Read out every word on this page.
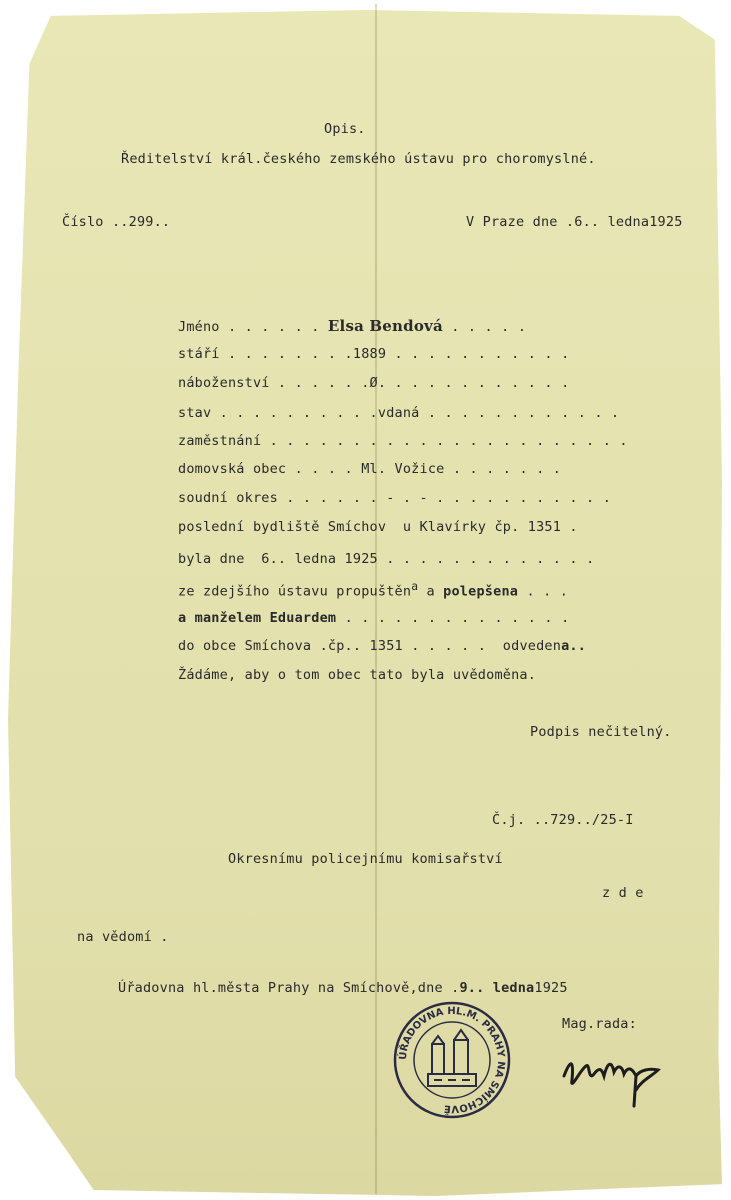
Opis.
Ředitelství král.českého zemského ústavu pro choromyslné.
Číslo ..299..	V Praze dne .6.. ledna1925
Jméno . . . . . . Elsa Bendová . . . . .
stáří . . . . . . . .1889 . . . . . . . . . . .
náboženství . . . . . .Ø. . . . . . . . . . . .
stav . . . . . . . . . .vdaná . . . . . . . . . . . .
zaměstnání . . . . . . . . . . . . . . . . . . . . . .
domovská obec . . . . Ml. Vožice . . . . . . .
soudní okres . . . . . . - . - . . . . . . . . . . .
poslední bydliště Smíchov u Klavírky čp. 1351 .
byla dne 6.. ledna 1925 . . . . . . . . . . . . .
ze zdejšího ústavu propuštěn$^a$ a polepšena . . .
a manželem Eduardem . . . . . . . . . . . . . .
do obce Smíchova .čp.. 1351 . . . . .  odvedena..
Žádáme, aby o tom obec tato byla uvědoměna.
Podpis nečitelný.
Č.j. ..729../25-I
Okresnímu policejnímu komisařství
z d e
na vědomí .
Úřadovna hl.města Prahy na Smíchově,dne .9.. ledna1925
Mag.rada:
ÚŘADOVNA HL.M. PRAHY NA SMÍCHOVĚ
